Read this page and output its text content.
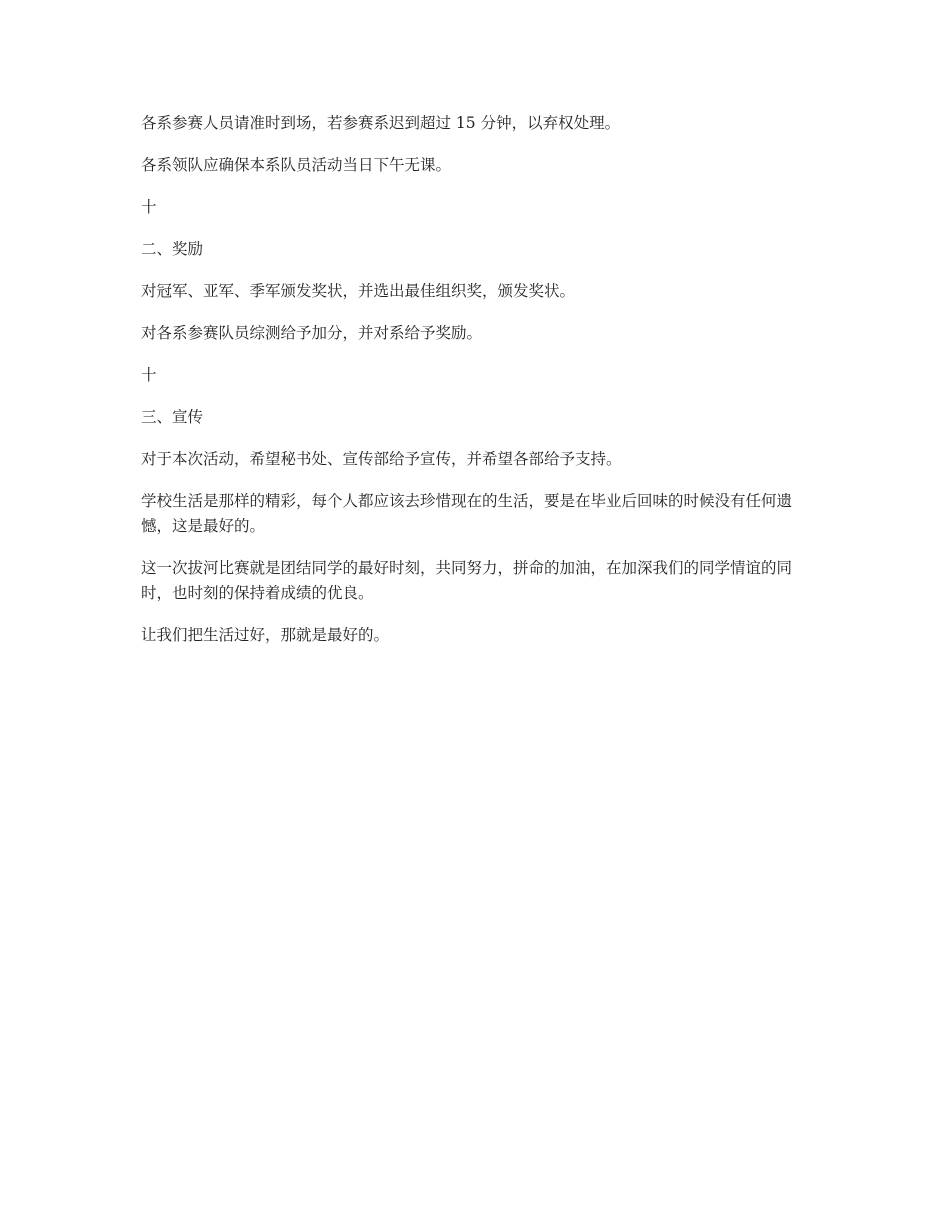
各系参赛人员请准时到场，若参赛系迟到超过 15 分钟，以弃权处理。

各系领队应确保本系队员活动当日下午无课。

十

二、奖励

对冠军、亚军、季军颁发奖状，并选出最佳组织奖，颁发奖状。

对各系参赛队员综测给予加分，并对系给予奖励。

十

三、宣传

对于本次活动，希望秘书处、宣传部给予宣传，并希望各部给予支持。

学校生活是那样的精彩，每个人都应该去珍惜现在的生活，要是在毕业后回味的时候没有任何遗憾，这是最好的。

这一次拔河比赛就是团结同学的最好时刻，共同努力，拼命的加油，在加深我们的同学情谊的同时，也时刻的保持着成绩的优良。

让我们把生活过好，那就是最好的。
